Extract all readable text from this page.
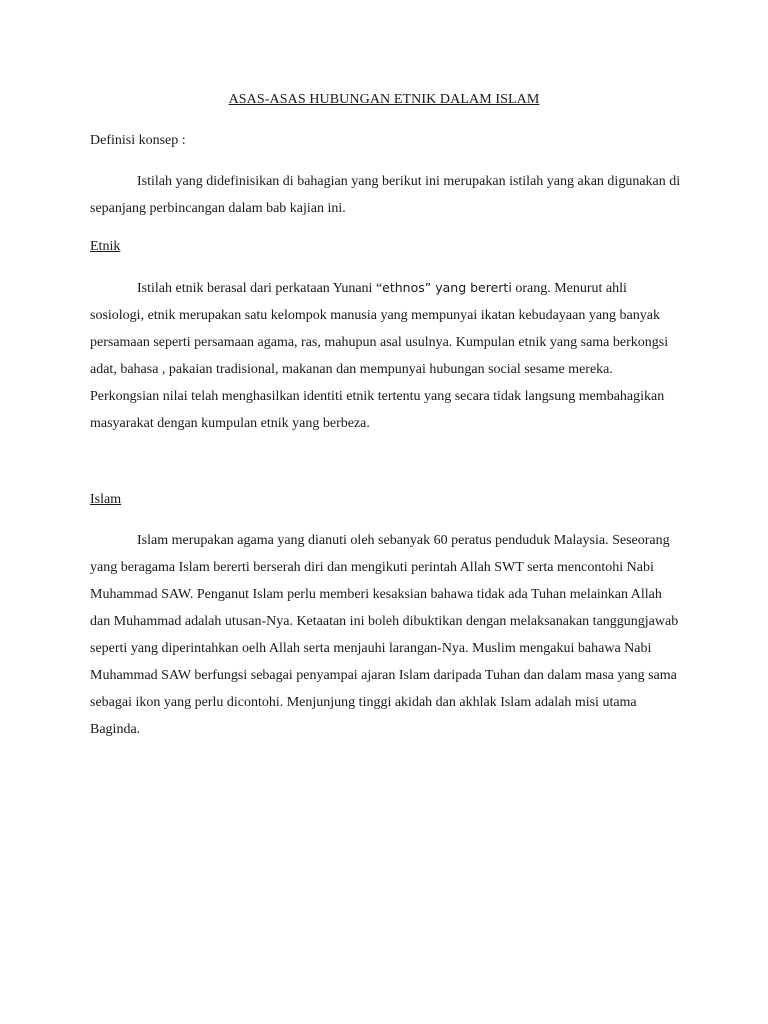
ASAS-ASAS HUBUNGAN ETNIK DALAM ISLAM

Definisi konsep :

Istilah yang didefinisikan di bahagian yang berikut ini merupakan istilah yang akan digunakan di sepanjang perbincangan dalam bab kajian ini.

Etnik

Istilah etnik berasal dari perkataan Yunani “ethnos” yang bererti orang. Menurut ahli sosiologi, etnik merupakan satu kelompok manusia yang mempunyai ikatan kebudayaan yang banyak persamaan seperti persamaan agama, ras, mahupun asal usulnya. Kumpulan etnik yang sama berkongsi adat, bahasa , pakaian tradisional, makanan dan mempunyai hubungan social sesame mereka. Perkongsian nilai telah menghasilkan identiti etnik tertentu yang secara tidak langsung membahagikan masyarakat dengan kumpulan etnik yang berbeza.

Islam

Islam merupakan agama yang dianuti oleh sebanyak 60 peratus penduduk Malaysia. Seseorang yang beragama Islam bererti berserah diri dan mengikuti perintah Allah SWT serta mencontohi Nabi Muhammad SAW. Penganut Islam perlu memberi kesaksian bahawa tidak ada Tuhan melainkan Allah dan Muhammad adalah utusan-Nya. Ketaatan ini boleh dibuktikan dengan melaksanakan tanggungjawab seperti yang diperintahkan oelh Allah serta menjauhi larangan-Nya. Muslim mengakui bahawa Nabi Muhammad SAW berfungsi sebagai penyampai ajaran Islam daripada Tuhan dan dalam masa yang sama sebagai ikon yang perlu dicontohi. Menjunjung tinggi akidah dan akhlak Islam adalah misi utama Baginda.
